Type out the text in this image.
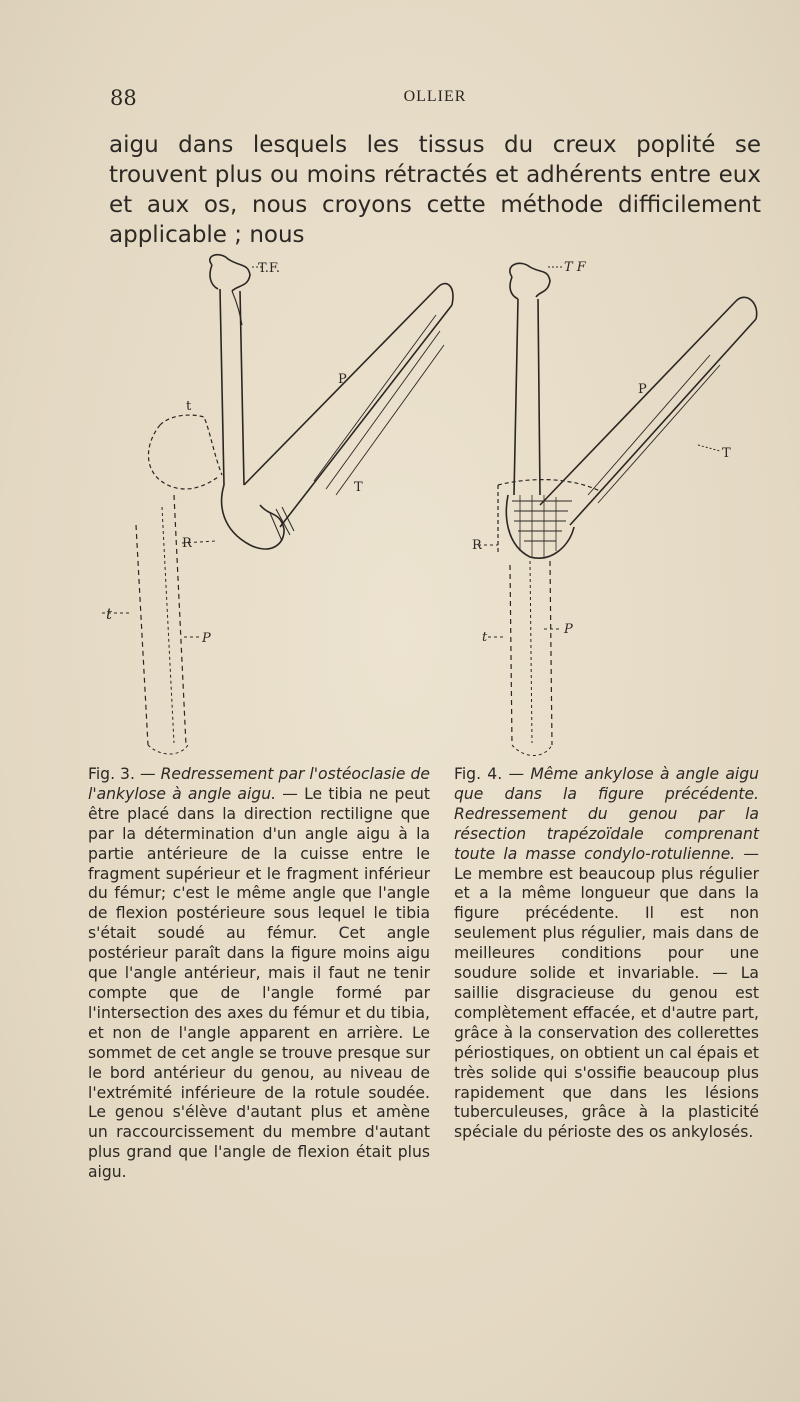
88	OLLIER
aigu dans lesquels les tissus du creux poplité se trouvent plus ou moins rétractés et adhérents entre eux et aux os, nous croyons cette méthode difficilement applicable ; nous
T.F.
P
T
t
R
t
P
T F
P
T
R
t
P
Fig. 3. — Redressement par l'ostéoclasie de l'ankylose à angle aigu. — Le tibia ne peut être placé dans la direction rectiligne que par la détermination d'un angle aigu à la partie antérieure de la cuisse entre le fragment supérieur et le fragment inférieur du fémur; c'est le même angle que l'angle de flexion postérieure sous lequel le tibia s'était soudé au fémur. Cet angle postérieur paraît dans la figure moins aigu que l'angle antérieur, mais il faut ne tenir compte que de l'angle formé par l'intersection des axes du fémur et du tibia, et non de l'angle apparent en arrière. Le sommet de cet angle se trouve presque sur le bord antérieur du genou, au niveau de l'extrémité inférieure de la rotule soudée. Le genou s'élève d'autant plus et amène un raccourcissement du membre d'autant plus grand que l'angle de flexion était plus aigu.
Fig. 4. — Même ankylose à angle aigu que dans la figure précédente. Redressement du genou par la résection trapézoïdale comprenant toute la masse condylo-rotulienne. — Le membre est beaucoup plus régulier et a la même longueur que dans la figure précédente. Il est non seulement plus régulier, mais dans de meilleures conditions pour une soudure solide et invariable. — La saillie disgracieuse du genou est complètement effacée, et d'autre part, grâce à la conservation des collerettes périostiques, on obtient un cal épais et très solide qui s'ossifie beaucoup plus rapidement que dans les lésions tuberculeuses, grâce à la plasticité spéciale du périoste des os ankylosés.
